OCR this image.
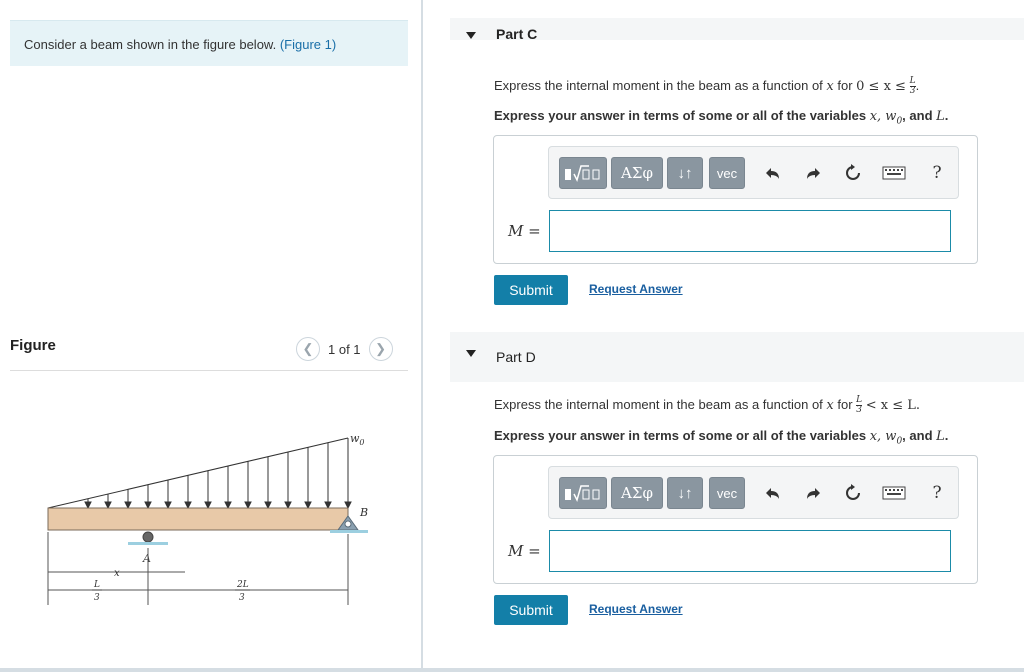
Consider a beam shown in the figure below. (Figure 1)
Figure	❮	1 of 1	❯
A
B
$w_0$
x
L
3
2L
3
Part C
Express the internal moment in the beam as a function of x for $0 \le x \le \frac{L}{3}$ .
Express your answer in terms of some or all of the variables x, $w_0$, and L.
ΑΣφ	↓↑	vec	?
M =
Submit	Request Answer
Part D
Express the internal moment in the beam as a function of x for $\frac{L}{3} < x \le L$.
Express your answer in terms of some or all of the variables x, $w_0$, and L.
ΑΣφ	↓↑	vec	?
M =
Submit	Request Answer
